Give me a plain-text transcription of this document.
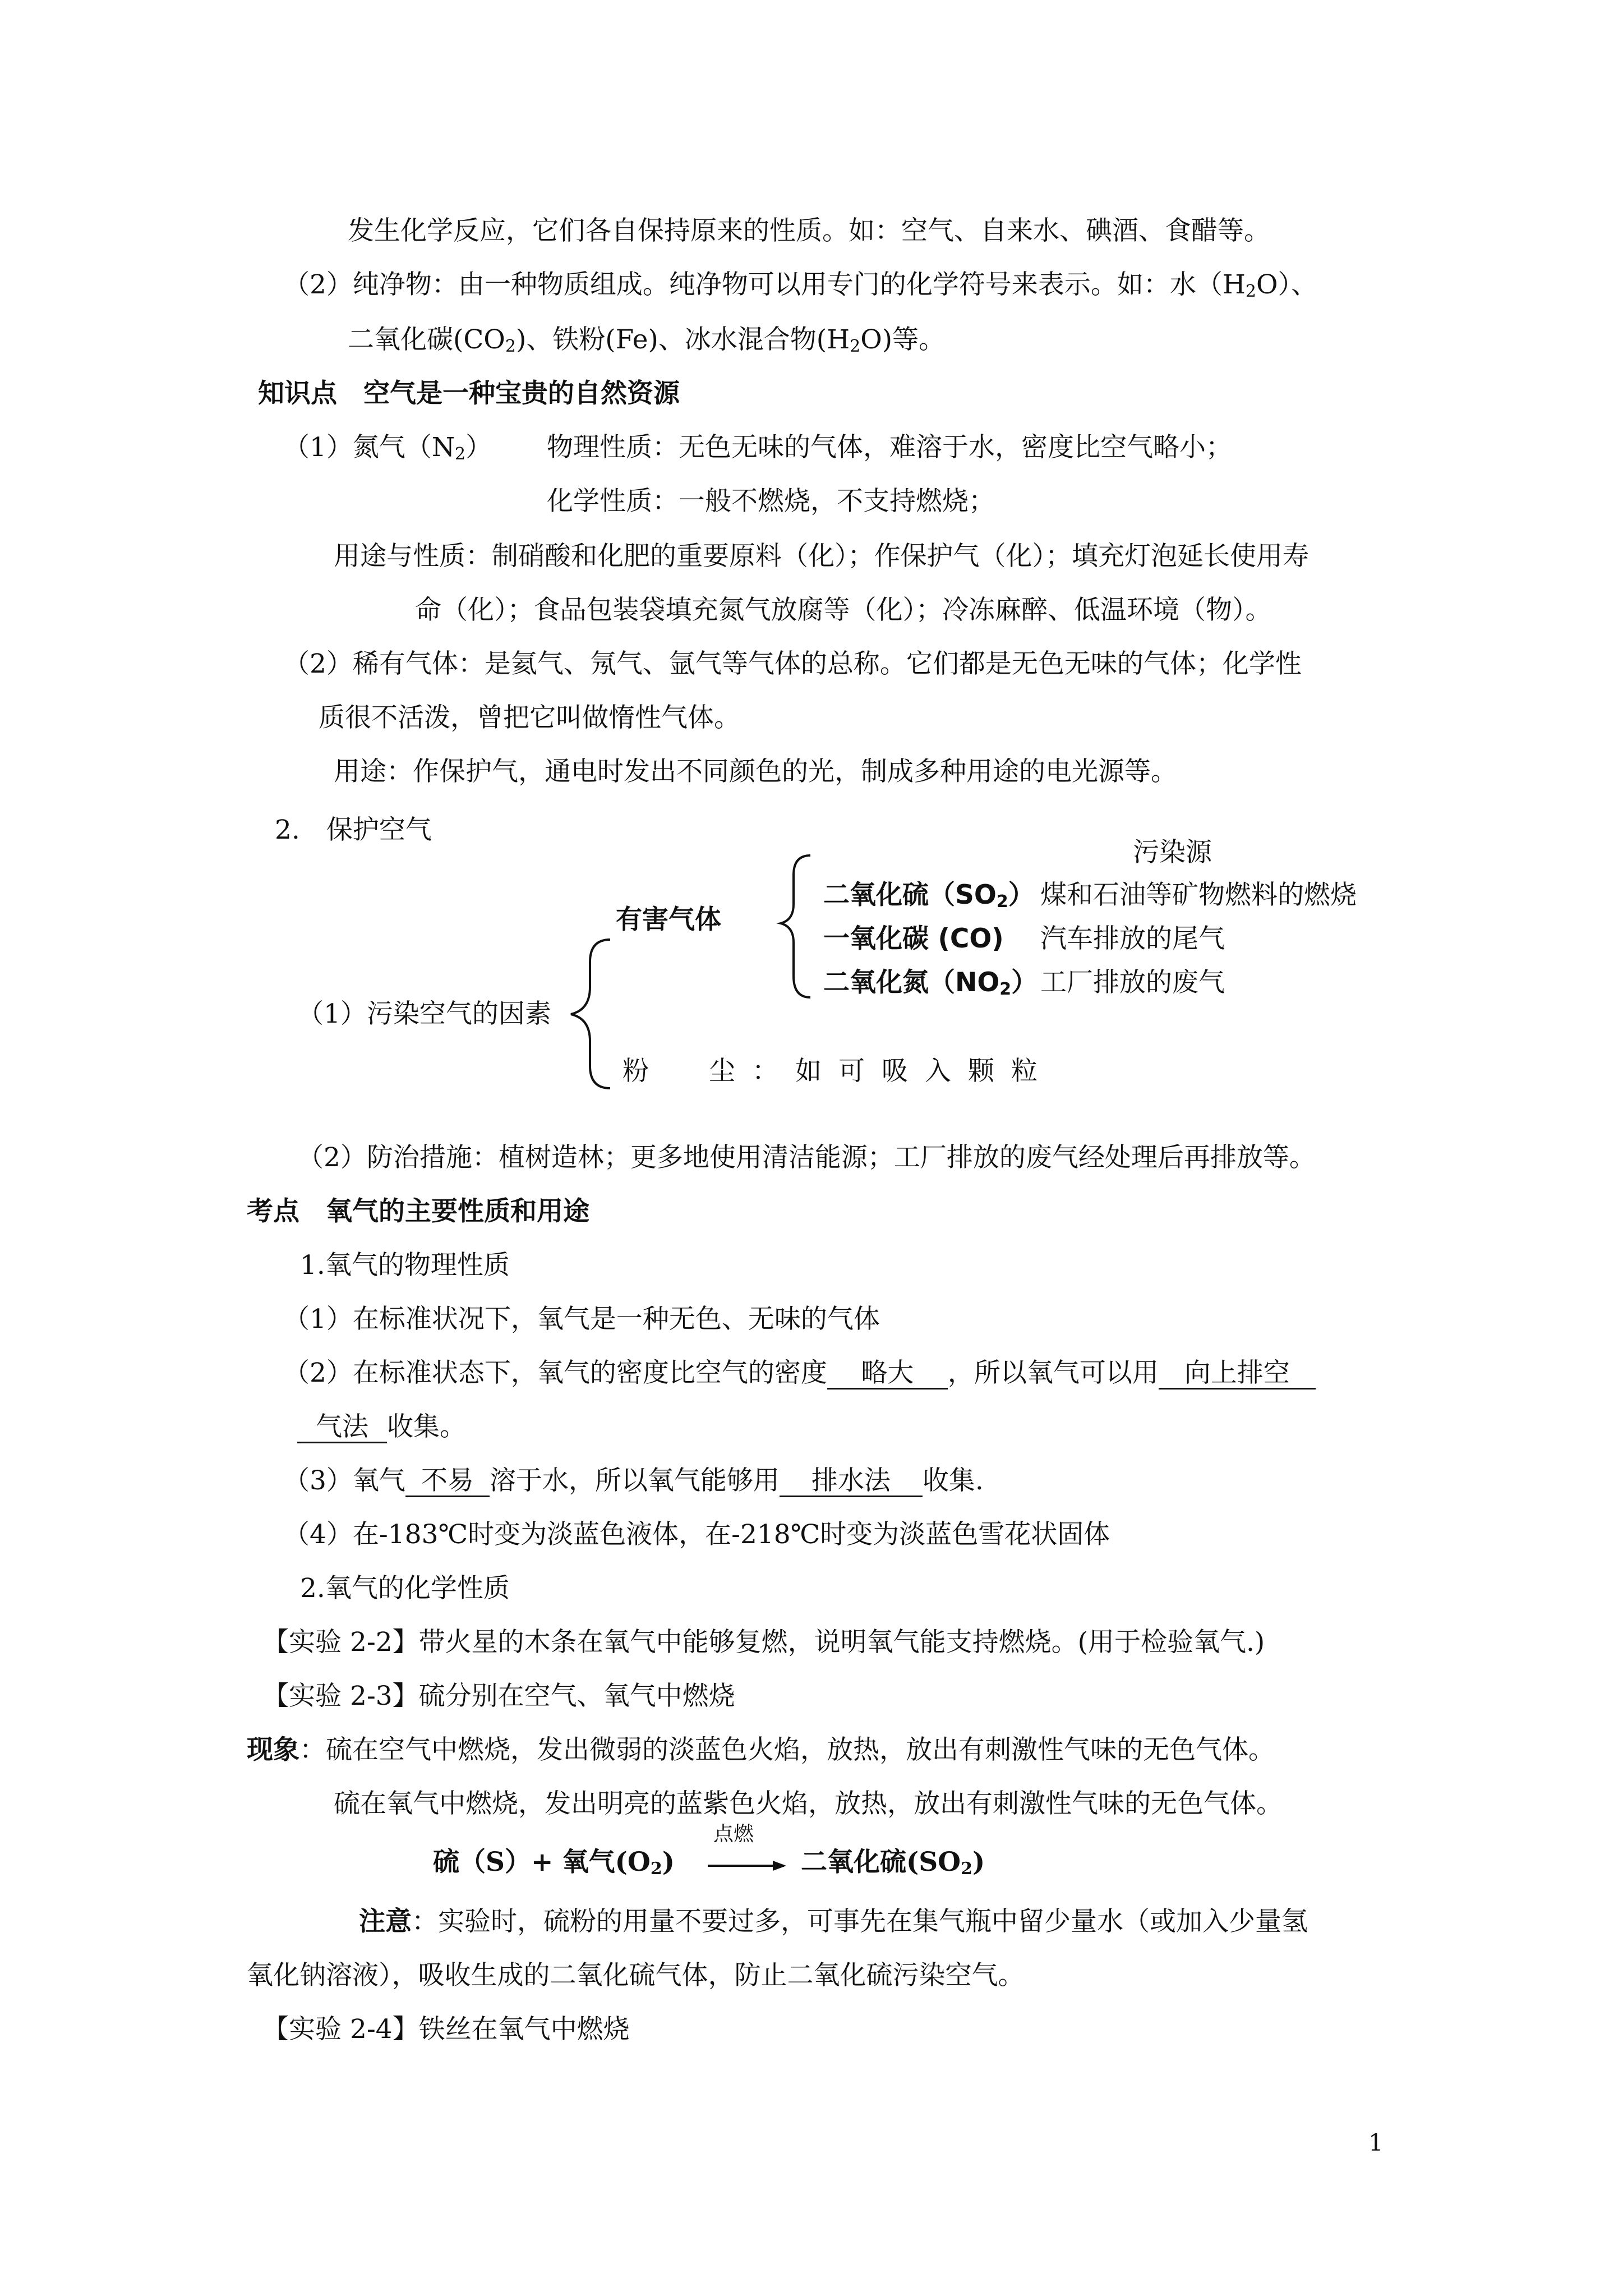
发生化学反应，它们各自保持原来的性质。如：空气、自来水、碘酒、食醋等。
（2）纯净物：由一种物质组成。纯净物可以用专门的化学符号来表示。如：水$(H_2O)$、
二氧化碳$(CO_2)$、铁粉(Fe)、冰水混合物$(H_2O)$等。
知识点　空气是一种宝贵的自然资源
（1）氮气$(N_2)$ 物理性质：无色无味的气体，难溶于水，密度比空气略小；
化学性质：一般不燃烧，不支持燃烧；
用途与性质：制硝酸和化肥的重要原料（化）；作保护气（化）；填充灯泡延长使用寿
命（化）；食品包装袋填充氮气放腐等（化）；冷冻麻醉、低温环境（物）。
（2）稀有气体：是氦气、氖气、氩气等气体的总称。它们都是无色无味的气体；化学性
质很不活泼，曾把它叫做惰性气体。
用途：作保护气，通电时发出不同颜色的光，制成多种用途的电光源等。
2.　保护空气
污染源
有害气体
二氧化硫$(SO_2)$ 煤和石油等矿物燃料的燃烧
一氧化碳 (CO) 汽车排放的尾气
二氧化氮$(NO_2)$ 工厂排放的废气
（1）污染空气的因素
粉　尘：如可吸入颗粒
（2）防治措施：植树造林；更多地使用清洁能源；工厂排放的废气经处理后再排放等。
考点　氧气的主要性质和用途
1.氧气的物理性质
（1）在标准状况下，氧气是一种无色、无味的气体
（2）在标准状态下，氧气的密度比空气的密度 略大 ，所以氧气可以用 向上排空
气法 收集。
（3）氧气 不易 溶于水，所以氧气能够用 排水法 收集.
（4）在-183℃时变为淡蓝色液体，在-218℃时变为淡蓝色雪花状固体
2.氧气的化学性质
【实验 2-2】带火星的木条在氧气中能够复燃，说明氧气能支持燃烧。(用于检验氧气.)
【实验 2-3】硫分别在空气、氧气中燃烧
现象：硫在空气中燃烧，发出微弱的淡蓝色火焰，放热，放出有刺激性气味的无色气体。
硫在氧气中燃烧，发出明亮的蓝紫色火焰，放热，放出有刺激性气味的无色气体。
硫（S）+ 氧气$(O_2)$
点燃
二氧化硫$(SO_2)$
注意：实验时，硫粉的用量不要过多，可事先在集气瓶中留少量水（或加入少量氢
氧化钠溶液），吸收生成的二氧化硫气体，防止二氧化硫污染空气。
【实验 2-4】铁丝在氧气中燃烧
1
